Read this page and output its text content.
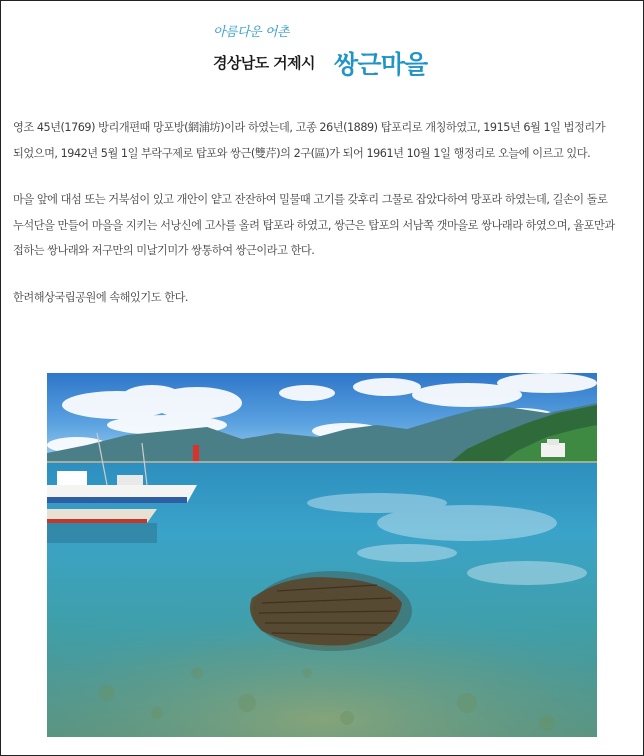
아름다운 어촌
경상남도 거제시 쌍근마을

영조 45년(1769) 방리개편때 망포방(網浦坊)이라 하였는데, 고종 26년(1889) 탑포리로 개칭하였고, 1915년 6월 1일 법정리가 되었으며, 1942년 5월 1일 부락구제로 탑포와 쌍근(雙芹)의 2구(區)가 되어 1961년 10월 1일 행정리로 오늘에 이르고 있다.

마을 앞에 대섬 또는 거북섬이 있고 개안이 얕고 잔잔하여 밀물때 고기를 갖후리 그물로 잡았다하여 망포라 하였는데, 길손이 돌로 누석단을 만들어 마을을 지키는 서낭신에 고사를 올려 탑포라 하였고, 쌍근은 탑포의 서남쪽 갯마을로 쌍나래라 하였으며, 율포만과 접하는 쌍나래와 저구만의 미날기미가 쌍통하여 쌍근이라고 한다.

한려해상국립공원에 속해있기도 한다.
